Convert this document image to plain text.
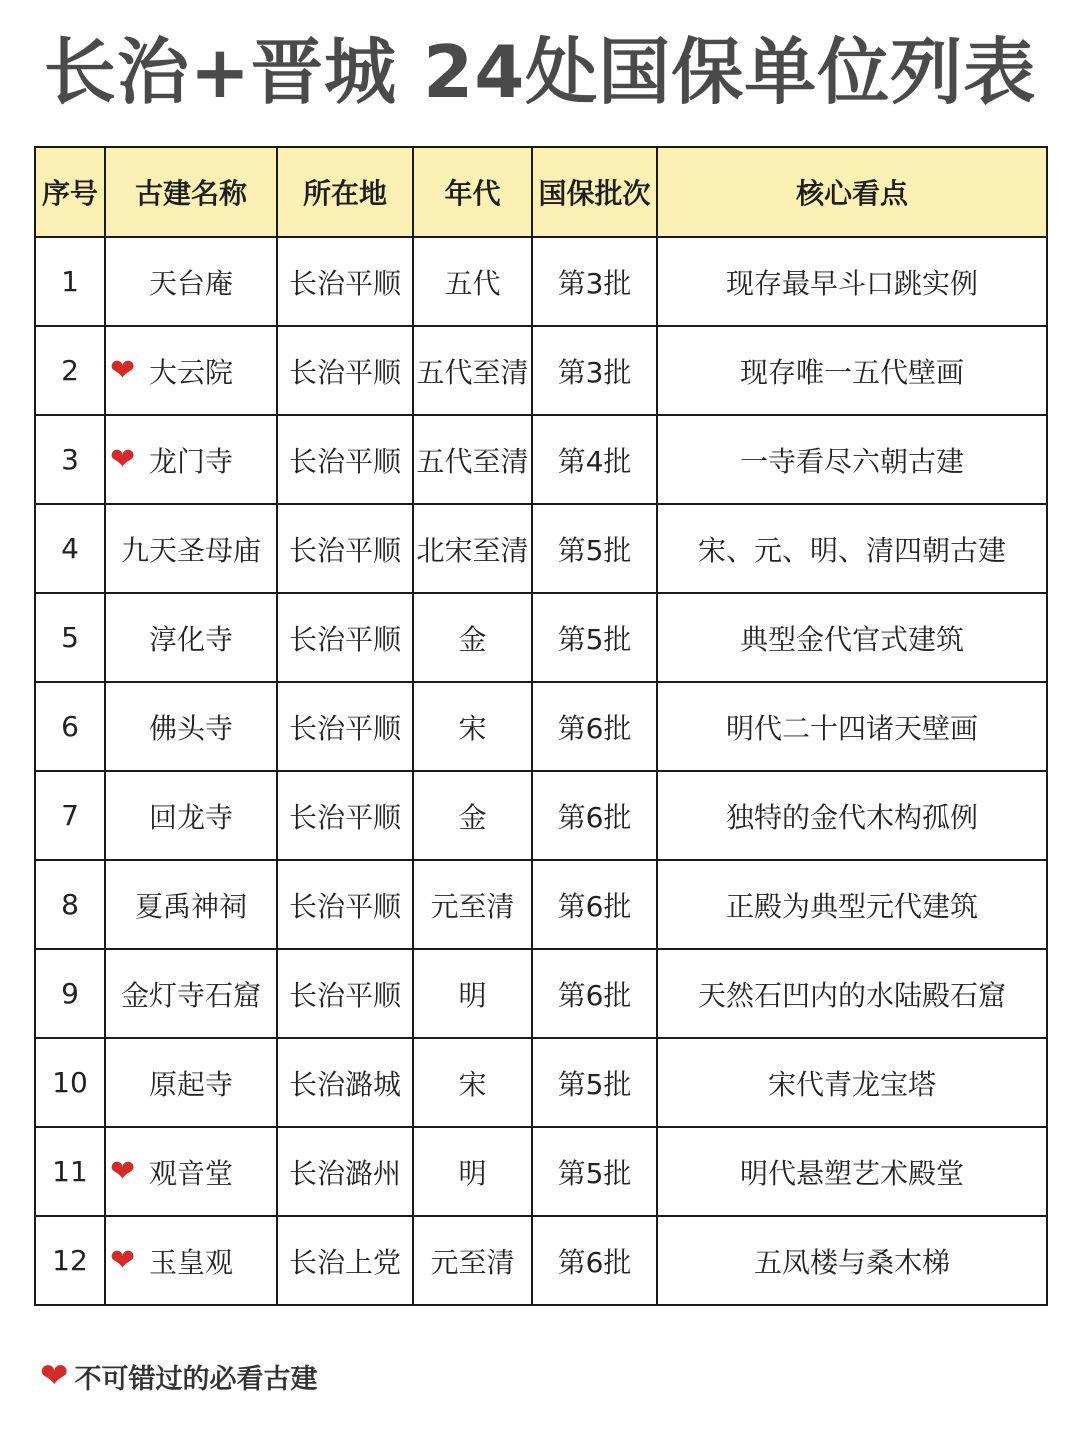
长治+晋城 24处国保单位列表
序号	古建名称	所在地	年代	国保批次	核心看点
1	天台庵	长治平顺	五代	第3批	现存最早斗口跳实例
2	❤ 大云院	长治平顺	五代至清	第3批	现存唯一五代壁画
3	❤ 龙门寺	长治平顺	五代至清	第4批	一寺看尽六朝古建
4	九天圣母庙	长治平顺	北宋至清	第5批	宋、元、明、清四朝古建
5	淳化寺	长治平顺	金	第5批	典型金代官式建筑
6	佛头寺	长治平顺	宋	第6批	明代二十四诸天壁画
7	回龙寺	长治平顺	金	第6批	独特的金代木构孤例
8	夏禹神祠	长治平顺	元至清	第6批	正殿为典型元代建筑
9	金灯寺石窟	长治平顺	明	第6批	天然石凹内的水陆殿石窟
10	原起寺	长治潞城	宋	第5批	宋代青龙宝塔
11	❤ 观音堂	长治潞州	明	第5批	明代悬塑艺术殿堂
12	❤ 玉皇观	长治上党	元至清	第6批	五凤楼与桑木梯
❤ 不可错过的必看古建
